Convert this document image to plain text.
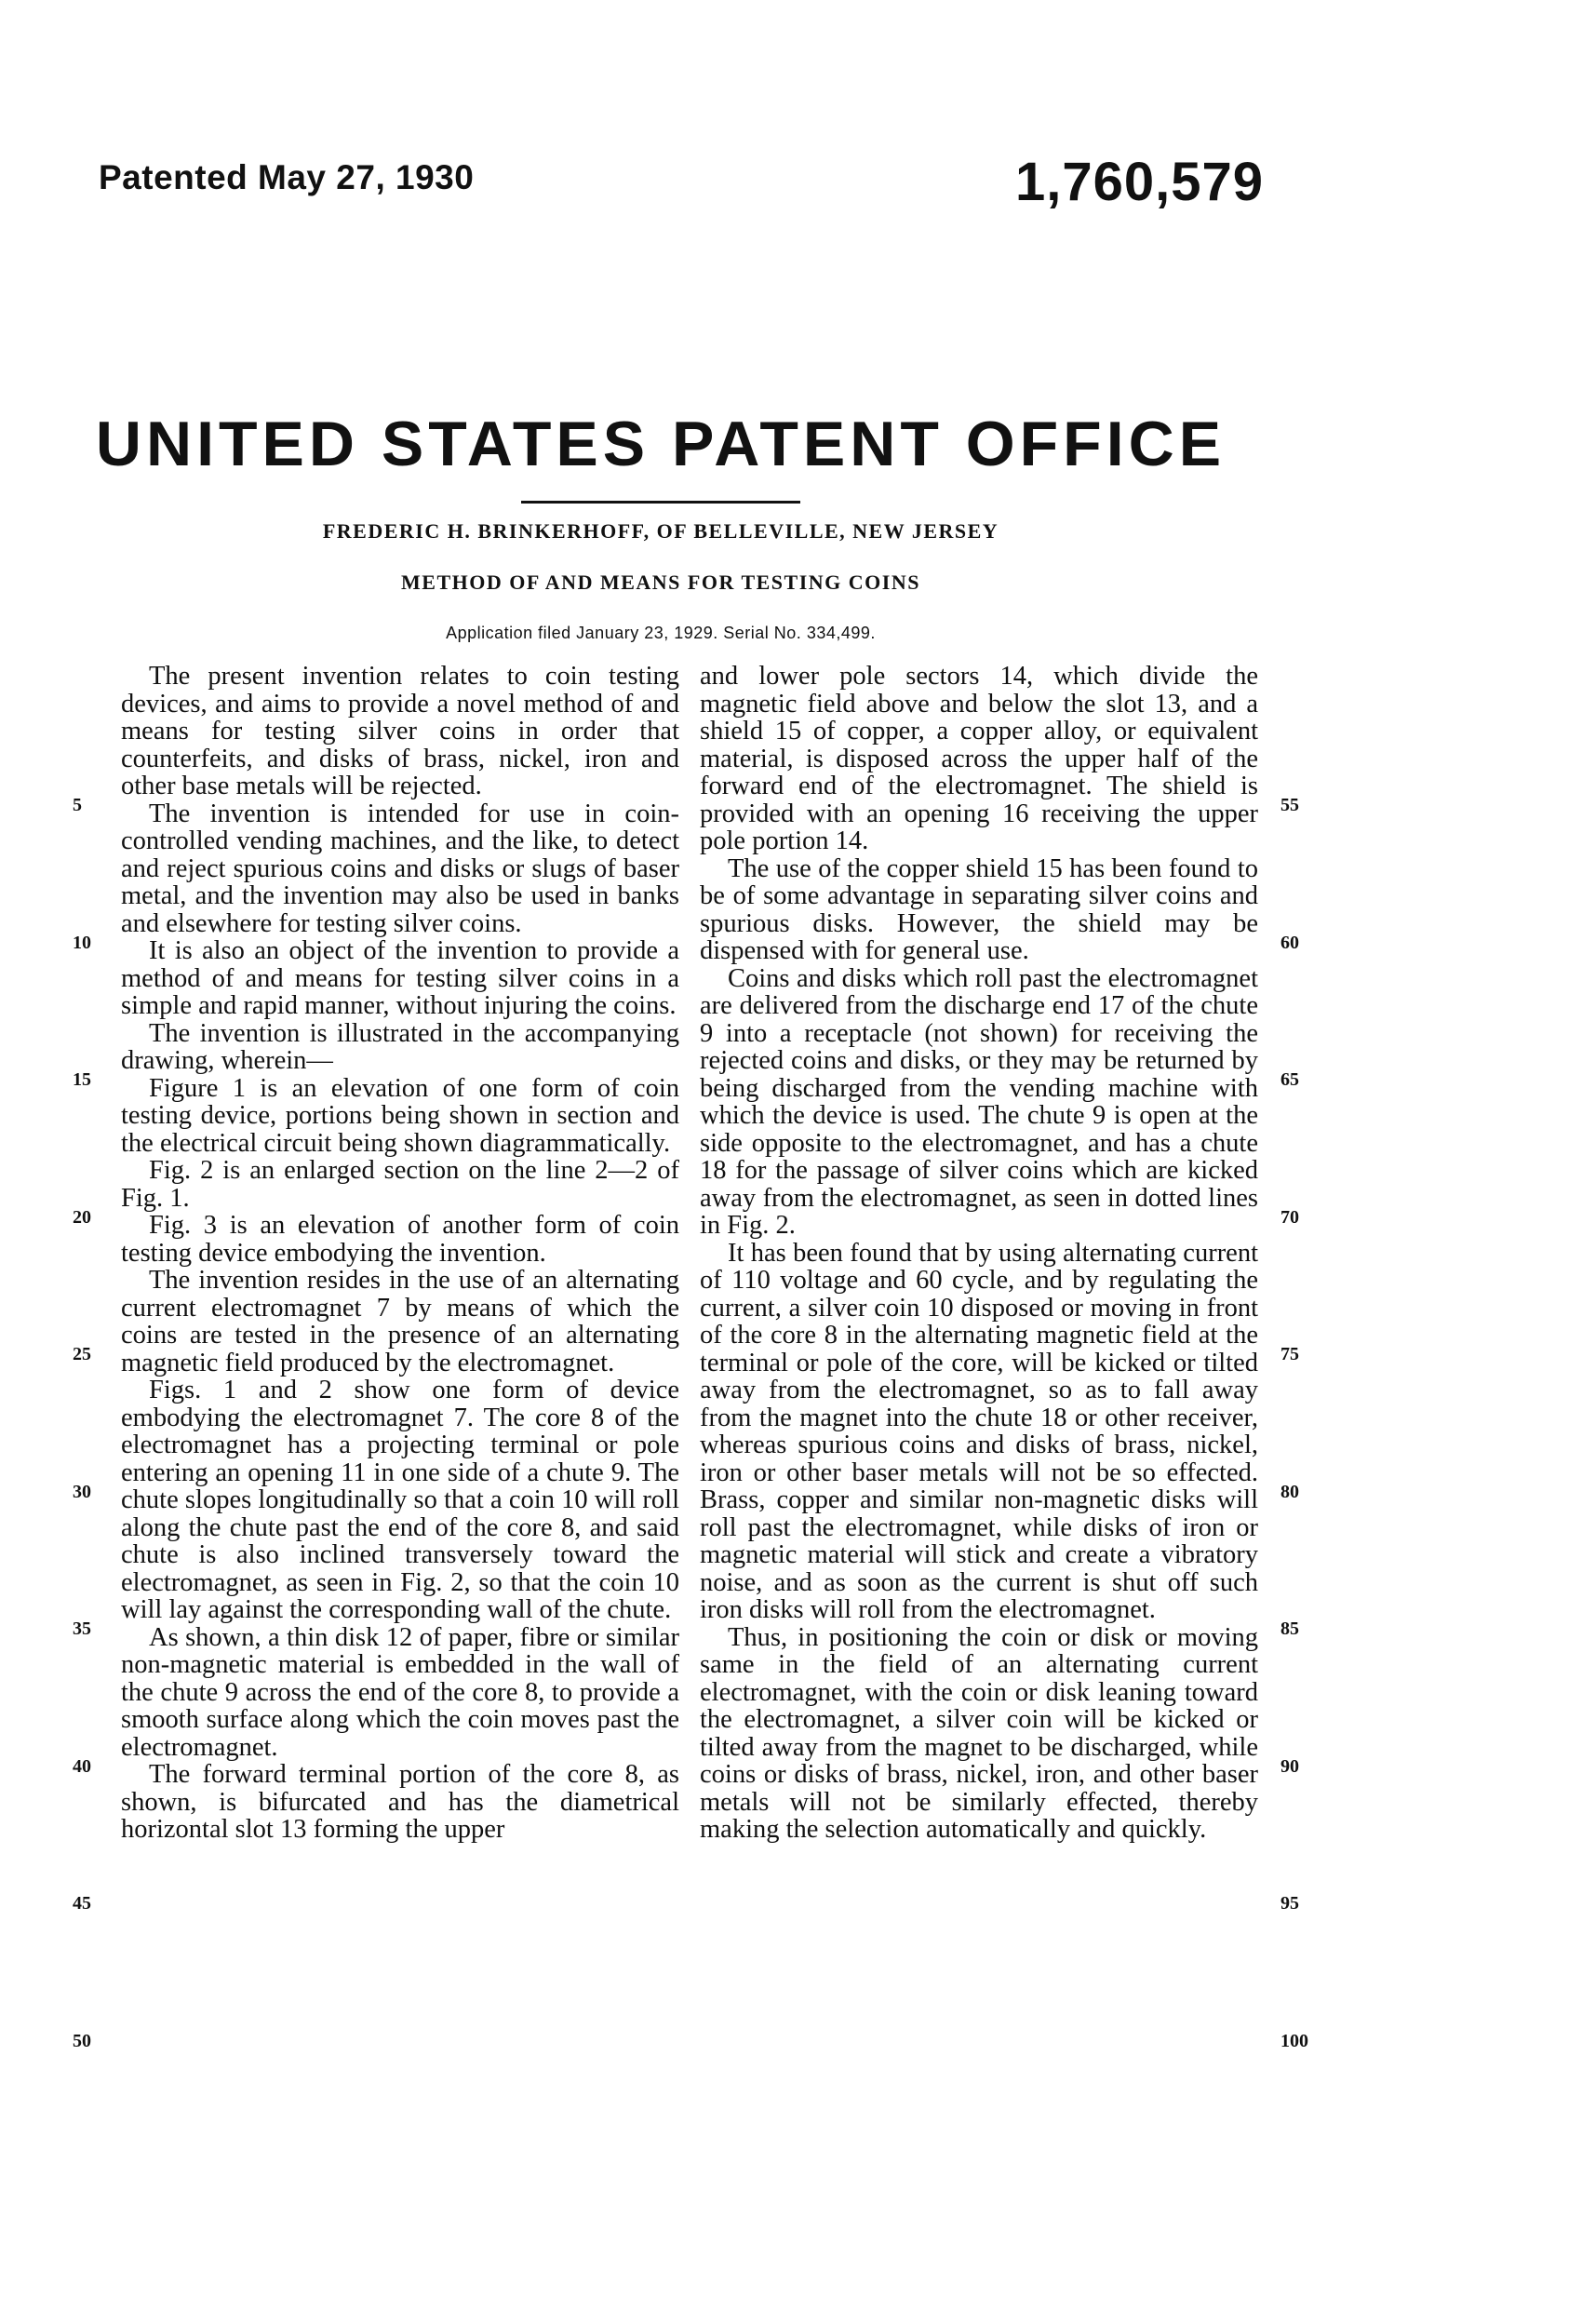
Patented May 27, 1930	1,760,579
UNITED STATES PATENT OFFICE
FREDERIC H. BRINKERHOFF, OF BELLEVILLE, NEW JERSEY
METHOD OF AND MEANS FOR TESTING COINS
Application filed January 23, 1929. Serial No. 334,499.

The present invention relates to coin testing devices, and aims to provide a novel method of and means for testing silver coins in order that counterfeits, and disks of brass, nickel, iron and other base metals will be rejected.

The invention is intended for use in coin-controlled vending machines, and the like, to detect and reject spurious coins and disks or slugs of baser metal, and the invention may also be used in banks and elsewhere for testing silver coins.

It is also an object of the invention to provide a method of and means for testing silver coins in a simple and rapid manner, without injuring the coins.

The invention is illustrated in the accompanying drawing, wherein—

Figure 1 is an elevation of one form of coin testing device, portions being shown in section and the electrical circuit being shown diagrammatically.

Fig. 2 is an enlarged section on the line 2—2 of Fig. 1.

Fig. 3 is an elevation of another form of coin testing device embodying the invention.

The invention resides in the use of an alternating current electromagnet 7 by means of which the coins are tested in the presence of an alternating magnetic field produced by the electromagnet.

Figs. 1 and 2 show one form of device embodying the electromagnet 7. The core 8 of the electromagnet has a projecting terminal or pole entering an opening 11 in one side of a chute 9. The chute slopes longitudinally so that a coin 10 will roll along the chute past the end of the core 8, and said chute is also inclined transversely toward the electromagnet, as seen in Fig. 2, so that the coin 10 will lay against the corresponding wall of the chute.

As shown, a thin disk 12 of paper, fibre or similar non-magnetic material is embedded in the wall of the chute 9 across the end of the core 8, to provide a smooth surface along which the coin moves past the electromagnet.

The forward terminal portion of the core 8, as shown, is bifurcated and has the diametrical horizontal slot 13 forming the upper

and lower pole sectors 14, which divide the magnetic field above and below the slot 13, and a shield 15 of copper, a copper alloy, or equivalent material, is disposed across the upper half of the forward end of the electromagnet. The shield is provided with an opening 16 receiving the upper pole portion 14.

The use of the copper shield 15 has been found to be of some advantage in separating silver coins and spurious disks. However, the shield may be dispensed with for general use.

Coins and disks which roll past the electromagnet are delivered from the discharge end 17 of the chute 9 into a receptacle (not shown) for receiving the rejected coins and disks, or they may be returned by being discharged from the vending machine with which the device is used. The chute 9 is open at the side opposite to the electromagnet, and has a chute 18 for the passage of silver coins which are kicked away from the electromagnet, as seen in dotted lines in Fig. 2.

It has been found that by using alternating current of 110 voltage and 60 cycle, and by regulating the current, a silver coin 10 disposed or moving in front of the core 8 in the alternating magnetic field at the terminal or pole of the core, will be kicked or tilted away from the electromagnet, so as to fall away from the magnet into the chute 18 or other receiver, whereas spurious coins and disks of brass, nickel, iron or other baser metals will not be so effected. Brass, copper and similar non-magnetic disks will roll past the electromagnet, while disks of iron or magnetic material will stick and create a vibratory noise, and as soon as the current is shut off such iron disks will roll from the electromagnet.

Thus, in positioning the coin or disk or moving same in the field of an alternating current electromagnet, with the coin or disk leaning toward the electromagnet, a silver coin will be kicked or tilted away from the magnet to be discharged, while coins or disks of brass, nickel, iron, and other baser metals will not be similarly effected, thereby making the selection automatically and quickly.

5
10
15
20
25
30
35
40
45
50
55
60
65
70
75
80
85
90
95
100
